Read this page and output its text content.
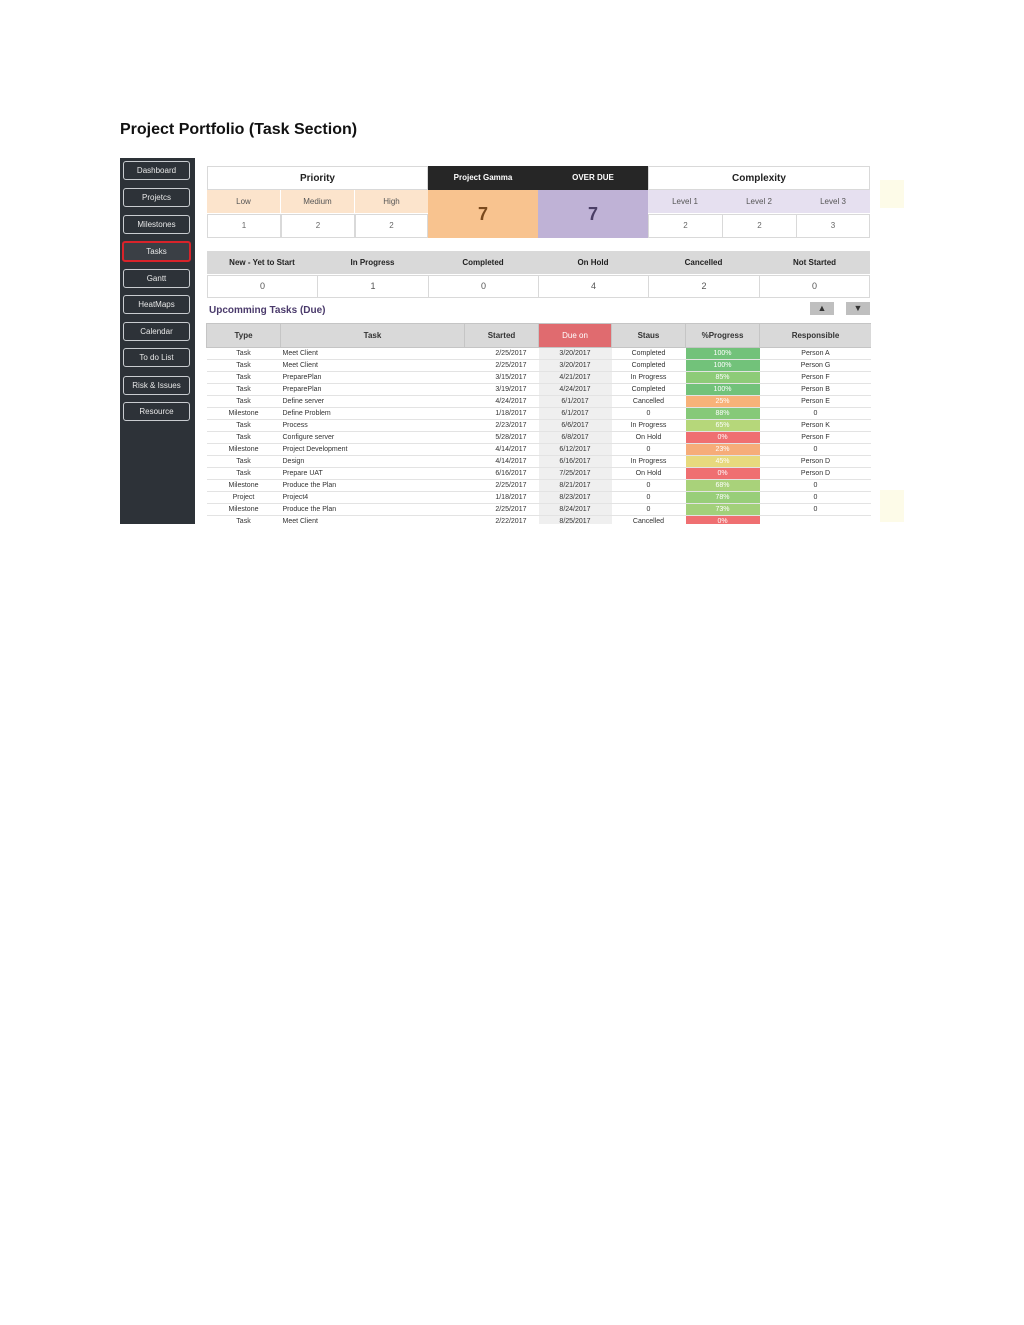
Project Portfolio (Task Section)
Dashboard
Projetcs
Milestones
Tasks
Gantt
HeatMaps
Calendar
To do List
Risk & Issues
Resource
Priority
Low	Medium	High
1	2	2
Project Gamma
7
OVER DUE
7
Complexity
Level 1	Level 2	Level 3
2	2	3
New - Yet to Start	In Progress	Completed	On Hold	Cancelled	Not Started
0	1	0	4	2	0
Upcomming Tasks (Due)	▲	▼
Type	Task	Started	Due on	Staus	%Progress	Responsible
Task	Meet Client	2/25/2017	3/20/2017	Completed	100%	Person A
Task	Meet Client	2/25/2017	3/20/2017	Completed	100%	Person G
Task	PreparePlan	3/15/2017	4/21/2017	In Progress	85%	Person F
Task	PreparePlan	3/19/2017	4/24/2017	Completed	100%	Person B
Task	Define server	4/24/2017	6/1/2017	Cancelled	25%	Person E
Milestone	Define Problem	1/18/2017	6/1/2017	0	88%	0
Task	Process	2/23/2017	6/6/2017	In Progress	65%	Person K
Task	Configure server	5/28/2017	6/8/2017	On Hold	0%	Person F
Milestone	Project Development	4/14/2017	6/12/2017	0	23%	0
Task	Design	4/14/2017	6/16/2017	In Progress	45%	Person D
Task	Prepare UAT	6/16/2017	7/25/2017	On Hold	0%	Person D
Milestone	Produce the Plan	2/25/2017	8/21/2017	0	68%	0
Project	Project4	1/18/2017	8/23/2017	0	78%	0
Milestone	Produce the Plan	2/25/2017	8/24/2017	0	73%	0
Task	Meet Client	2/22/2017	8/25/2017	Cancelled	0%	
